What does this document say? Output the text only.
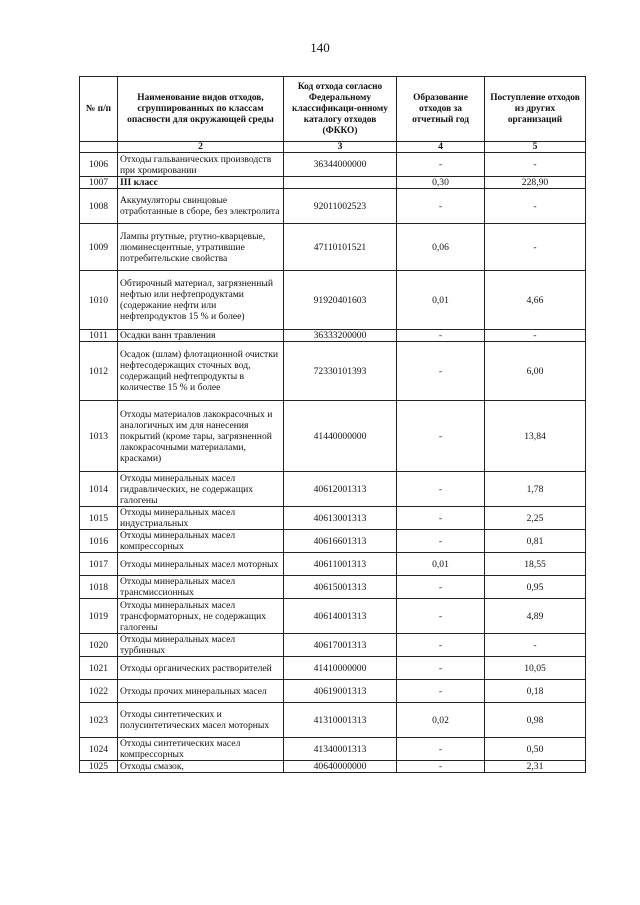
140
№ п/п	Наименование видов отходов, сгруппированных по классам опасности для окружающей среды	Код отхода согласно Федеральному классификаци-онному каталогу отходов (ФККО)	Образование отходов за отчетный год	Поступление отходов из других организаций
	2	3	4	5
1006	Отходы гальванических производств при хромировании	36344000000	-	-
1007	III класс		0,30	228,90
1008	Аккумуляторы свинцовые отработанные в сборе, без электролита	92011002523	-	-
1009	Лампы ртутные, ртутно-кварцевые, люминесцентные, утратившие потребительские свойства	47110101521	0,06	-
1010	Обтирочный материал, загрязненный нефтью или нефтепродуктами (содержание нефти или нефтепродуктов 15 % и более)	91920401603	0,01	4,66
1011	Осадки ванн травления	36333200000	-	-
1012	Осадок (шлам) флотационной очистки нефтесодержащих сточных вод, содержащий нефтепродукты в количестве 15 % и более	72330101393	-	6,00
1013	Отходы материалов лакокрасочных и аналогичных им для нанесения покрытий (кроме тары, загрязненной лакокрасочными материалами, красками)	41440000000	-	13,84
1014	Отходы минеральных масел гидравлических, не содержащих галогены	40612001313	-	1,78
1015	Отходы минеральных масел индустриальных	40613001313	-	2,25
1016	Отходы минеральных масел компрессорных	40616601313	-	0,81
1017	Отходы минеральных масел моторных	40611001313	0,01	18,55
1018	Отходы минеральных масел трансмиссионных	40615001313	-	0,95
1019	Отходы минеральных масел трансформаторных, не содержащих галогены	40614001313	-	4,89
1020	Отходы минеральных масел турбинных	40617001313	-	-
1021	Отходы органических растворителей	41410000000	-	10,05
1022	Отходы прочих минеральных масел	40619001313	-	0,18
1023	Отходы синтетических и полусинтетических масел моторных	41310001313	0,02	0,98
1024	Отходы синтетических масел компрессорных	41340001313	-	0,50
1025	Отходы смазок,	40640000000	-	2,31
